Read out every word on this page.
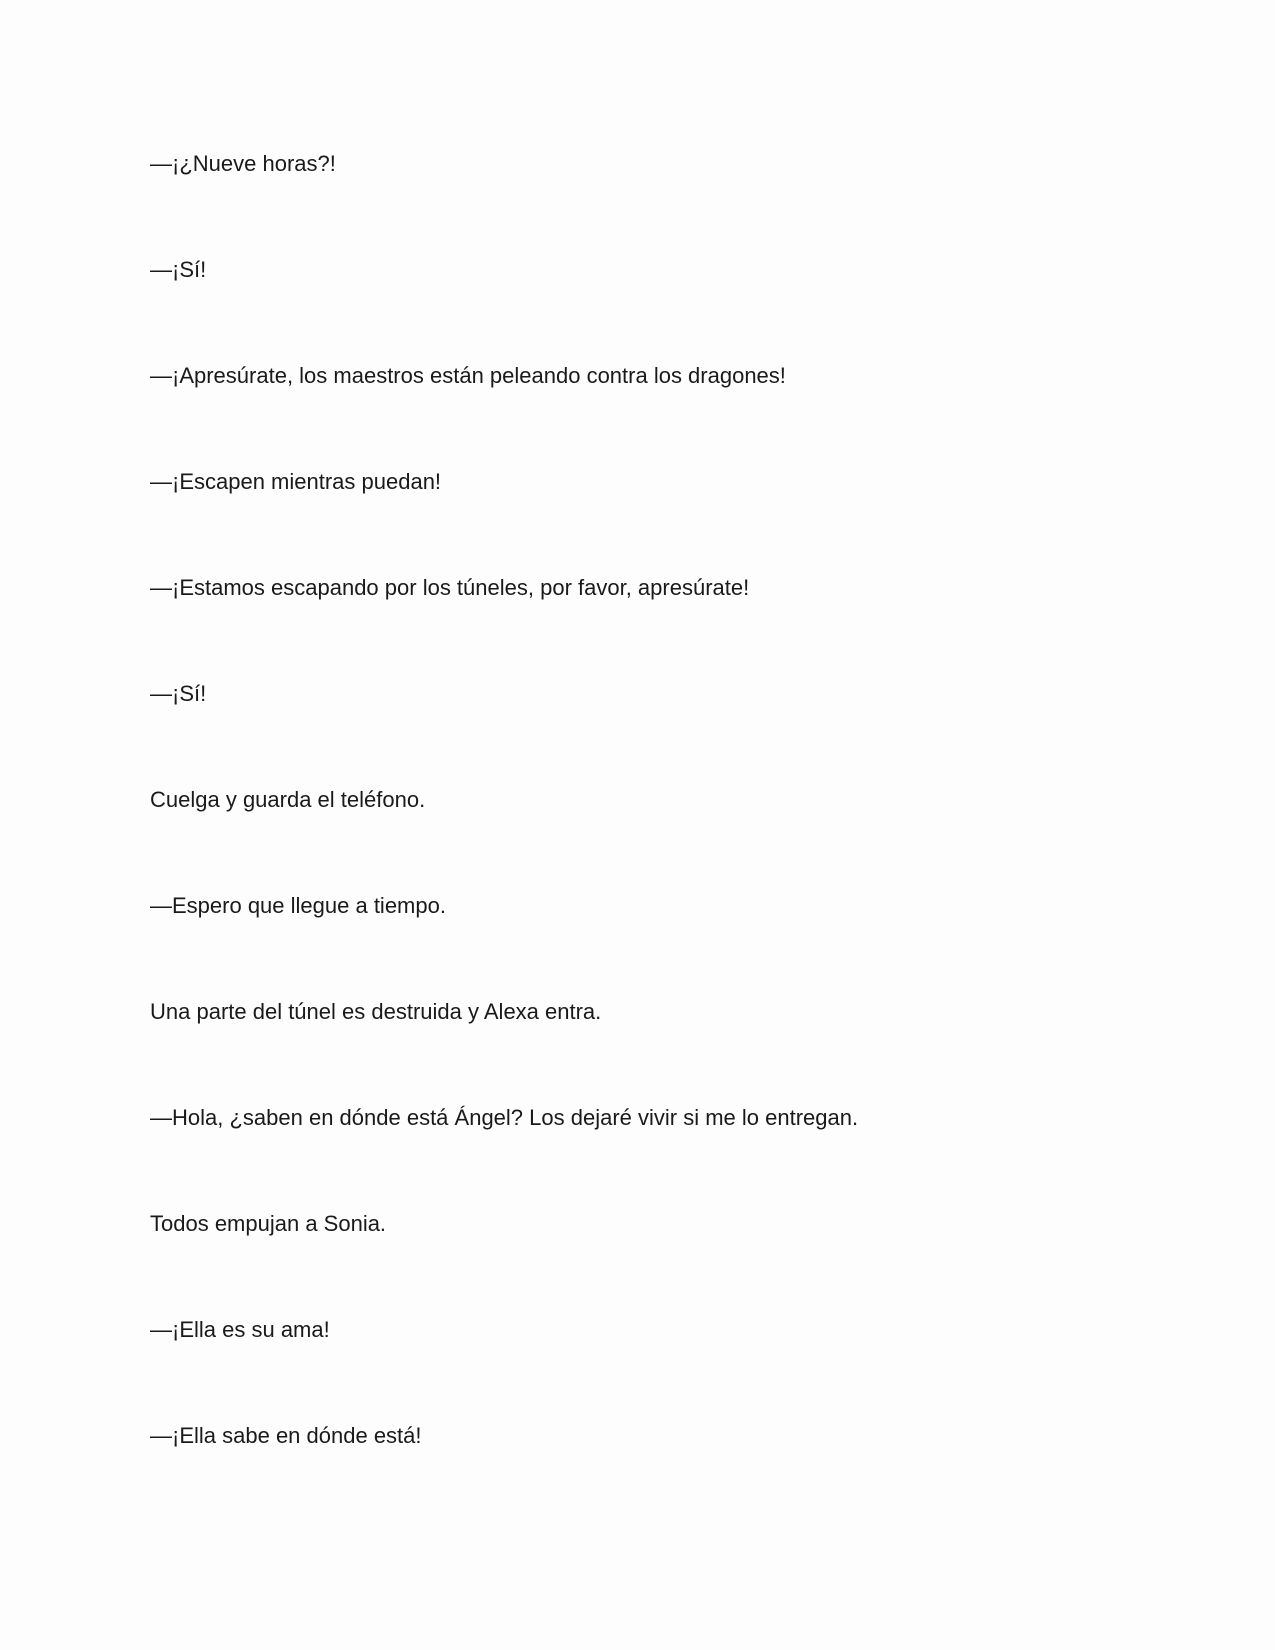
—¡¿Nueve horas?!

—¡Sí!

—¡Apresúrate, los maestros están peleando contra los dragones!

—¡Escapen mientras puedan!

—¡Estamos escapando por los túneles, por favor, apresúrate!

—¡Sí!

Cuelga y guarda el teléfono.

—Espero que llegue a tiempo.

Una parte del túnel es destruida y Alexa entra.

—Hola, ¿saben en dónde está Ángel? Los dejaré vivir si me lo entregan.

Todos empujan a Sonia.

—¡Ella es su ama!

—¡Ella sabe en dónde está!
